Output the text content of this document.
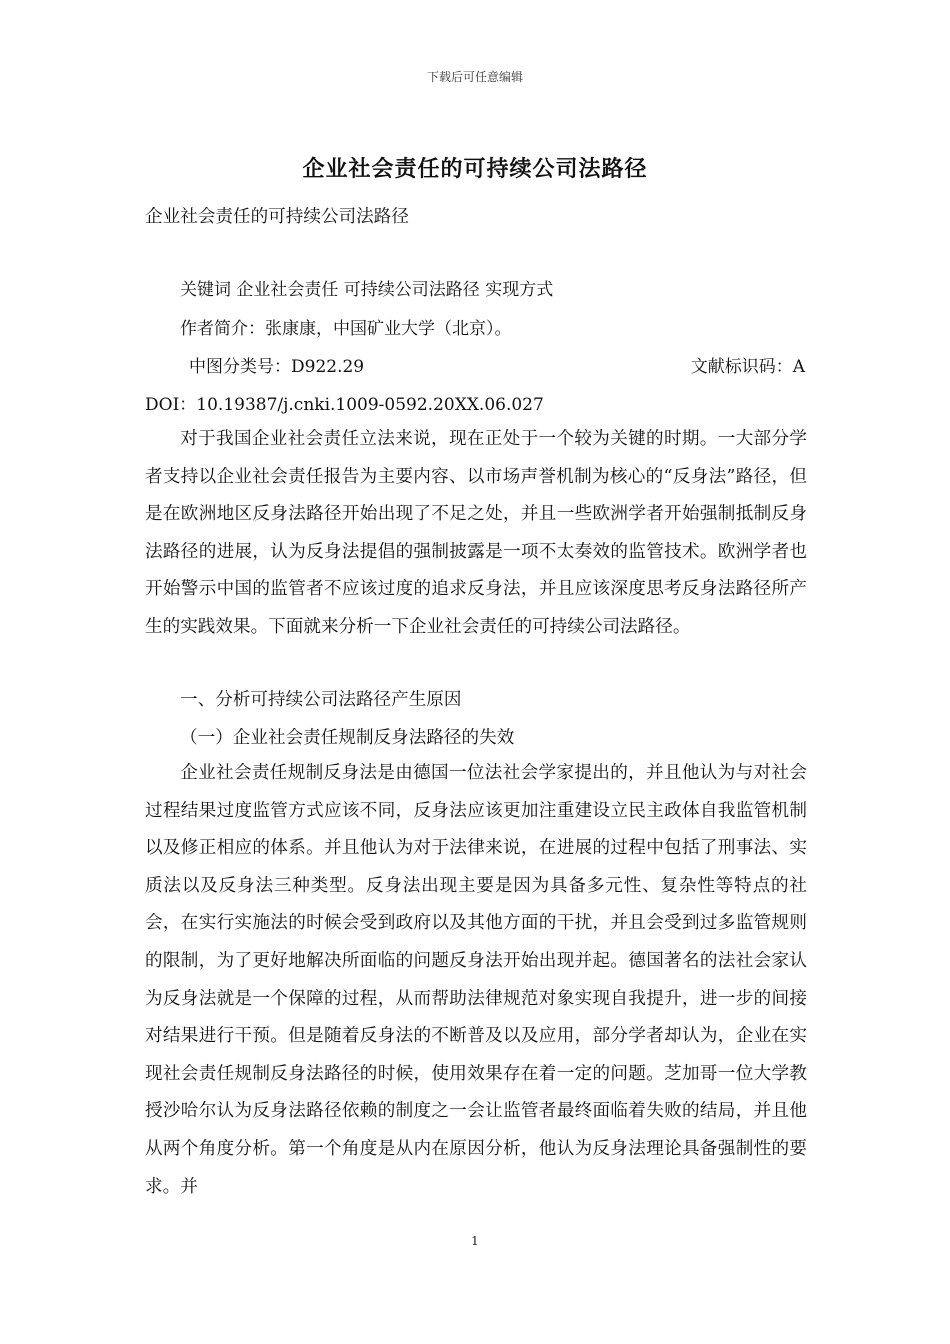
下载后可任意编辑
企业社会责任的可持续公司法路径
企业社会责任的可持续公司法路径
关键词 企业社会责任 可持续公司法路径 实现方式
作者简介：张康康，中国矿业大学（北京）。
中图分类号：D922.29	文献标识码：A
DOI：10.19387/j.cnki.1009-0592.20XX.06.027

对于我国企业社会责任立法来说，现在正处于一个较为关键的时期。一大部分学者支持以企业社会责任报告为主要内容、以市场声誉机制为核心的“反身法”路径，但是在欧洲地区反身法路径开始出现了不足之处，并且一些欧洲学者开始强制抵制反身法路径的进展，认为反身法提倡的强制披露是一项不太奏效的监管技术。欧洲学者也开始警示中国的监管者不应该过度的追求反身法，并且应该深度思考反身法路径所产生的实践效果。下面就来分析一下企业社会责任的可持续公司法路径。

一、分析可持续公司法路径产生原因
（一）企业社会责任规制反身法路径的失效

企业社会责任规制反身法是由德国一位法社会学家提出的，并且他认为与对社会过程结果过度监管方式应该不同，反身法应该更加注重建设立民主政体自我监管机制以及修正相应的体系。并且他认为对于法律来说，在进展的过程中包括了刑事法、实质法以及反身法三种类型。反身法出现主要是因为具备多元性、复杂性等特点的社会，在实行实施法的时候会受到政府以及其他方面的干扰，并且会受到过多监管规则的限制，为了更好地解决所面临的问题反身法开始出现并起。德国著名的法社会家认为反身法就是一个保障的过程，从而帮助法律规范对象实现自我提升，进一步的间接对结果进行干预。但是随着反身法的不断普及以及应用，部分学者却认为，企业在实现社会责任规制反身法路径的时候，使用效果存在着一定的问题。芝加哥一位大学教授沙哈尔认为反身法路径依赖的制度之一会让监管者最终面临着失败的结局，并且他从两个角度分析。第一个角度是从内在原因分析，他认为反身法理论具备强制性的要求。并

1
